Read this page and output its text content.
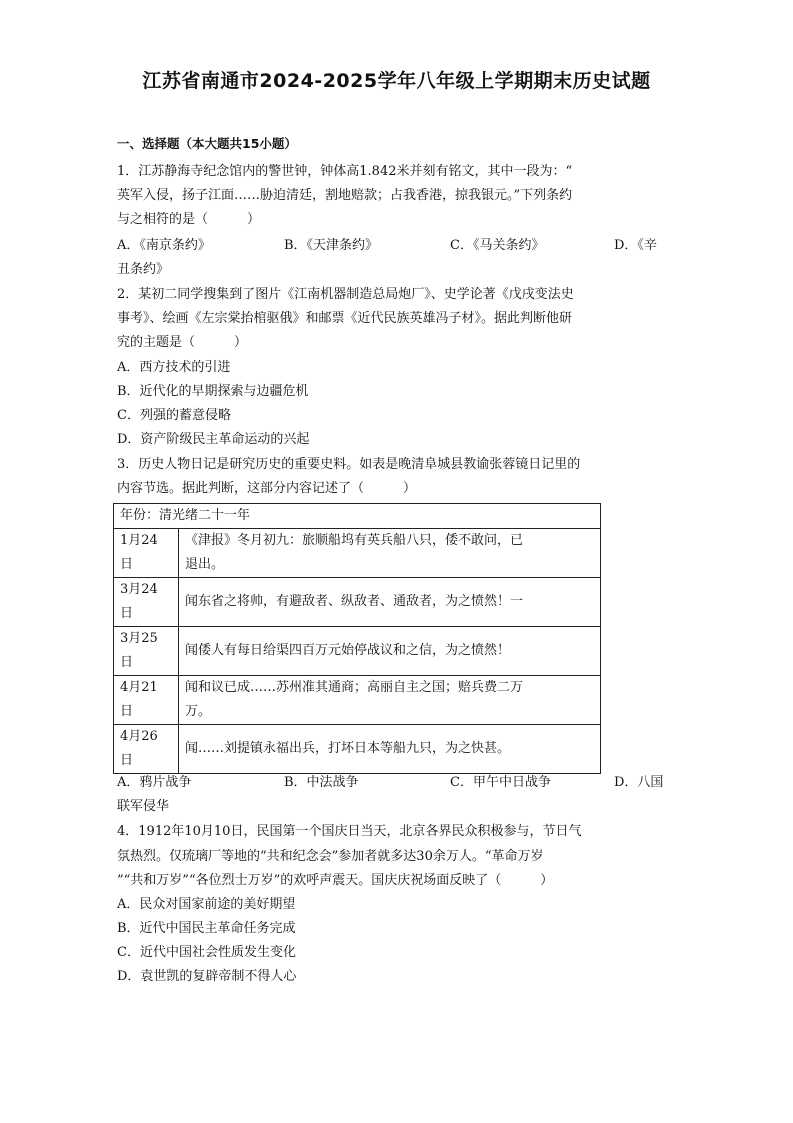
江苏省南通市2024-2025学年八年级上学期期末历史试题
一、选择题（本大题共15小题）
1．江苏静海寺纪念馆内的警世钟，钟体高1.842米并刻有铭文，其中一段为：“
英军入侵，扬子江面……胁迫清廷，割地赔款；占我香港，掠我银元。”下列条约
与之相符的是（　　　）
A．《南京条约》	B．《天津条约》	C．《马关条约》	D．《辛
丑条约》
2．某初二同学搜集到了图片《江南机器制造总局炮厂》、史学论著《戊戌变法史
事考》、绘画《左宗棠抬棺驱俄》和邮票《近代民族英雄冯子材》。据此判断他研
究的主题是（　　　）
A．西方技术的引进
B．近代化的早期探索与边疆危机
C．列强的蓄意侵略
D．资产阶级民主革命运动的兴起
3．历史人物日记是研究历史的重要史料。如表是晚清阜城县教谕张蓉镜日记里的
内容节选。据此判断，这部分内容记述了（　　　）
年份：清光绪二十一年	
1月24
日	《津报》冬月初九：旅顺船坞有英兵船八只，倭不敢问，已
退出。
3月24
日	闻东省之将帅，有避敌者、纵敌者、通敌者，为之愤然！一
3月25
日	闻倭人有每日给渠四百万元始停战议和之信，为之愤然！
4月21
日	闻和议已成……苏州准其通商；高丽自主之国；赔兵费二万
万。
4月26
日	闻……刘提镇永福出兵，打坏日本等船九只，为之快甚。
A．鸦片战争	B．中法战争	C．甲午中日战争	D．八国
联军侵华
4．1912年10月10日，民国第一个国庆日当天，北京各界民众积极参与，节日气
氛热烈。仅琉璃厂等地的“共和纪念会”参加者就多达30余万人。“革命万岁
”“共和万岁”“各位烈士万岁”的欢呼声震天。国庆庆祝场面反映了（　　　）
A．民众对国家前途的美好期望
B．近代中国民主革命任务完成
C．近代中国社会性质发生变化
D．袁世凯的复辟帝制不得人心
